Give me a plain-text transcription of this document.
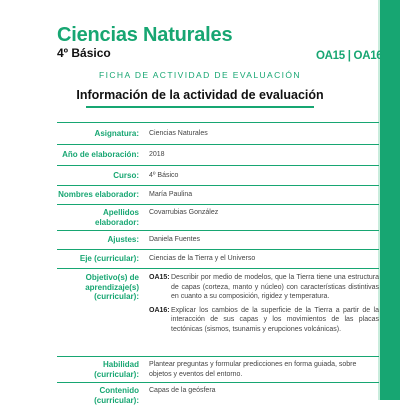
Ciencias Naturales
4º Básico	OA15 | OA16
FICHA DE ACTIVIDAD DE EVALUACIÓN
Información de la actividad de evaluación
Asignatura:	Ciencias Naturales
Año de elaboración:	2018
Curso:	4º Básico
Nombres elaborador:	María Paulina
Apellidos elaborador:
Covarrubias González
Ajustes:	Daniela Fuentes
Eje (curricular):	Ciencias de la Tierra y el Universo
Objetivo(s) de aprendizaje(s) (curricular):
OA15: Describir por medio de modelos, que la Tierra tiene una estructura de capas (corteza, manto y núcleo) con características distintivas en cuanto a su composición, rigidez y temperatura.
OA16: Explicar los cambios de la superficie de la Tierra a partir de la interacción de sus capas y los movimientos de las placas tectónicas (sismos, tsunamis y erupciones volcánicas).
Habilidad (curricular):
Plantear preguntas y formular predicciones en forma guiada, sobre objetos y eventos del entorno.
Contenido (curricular):
Capas de la geósfera
